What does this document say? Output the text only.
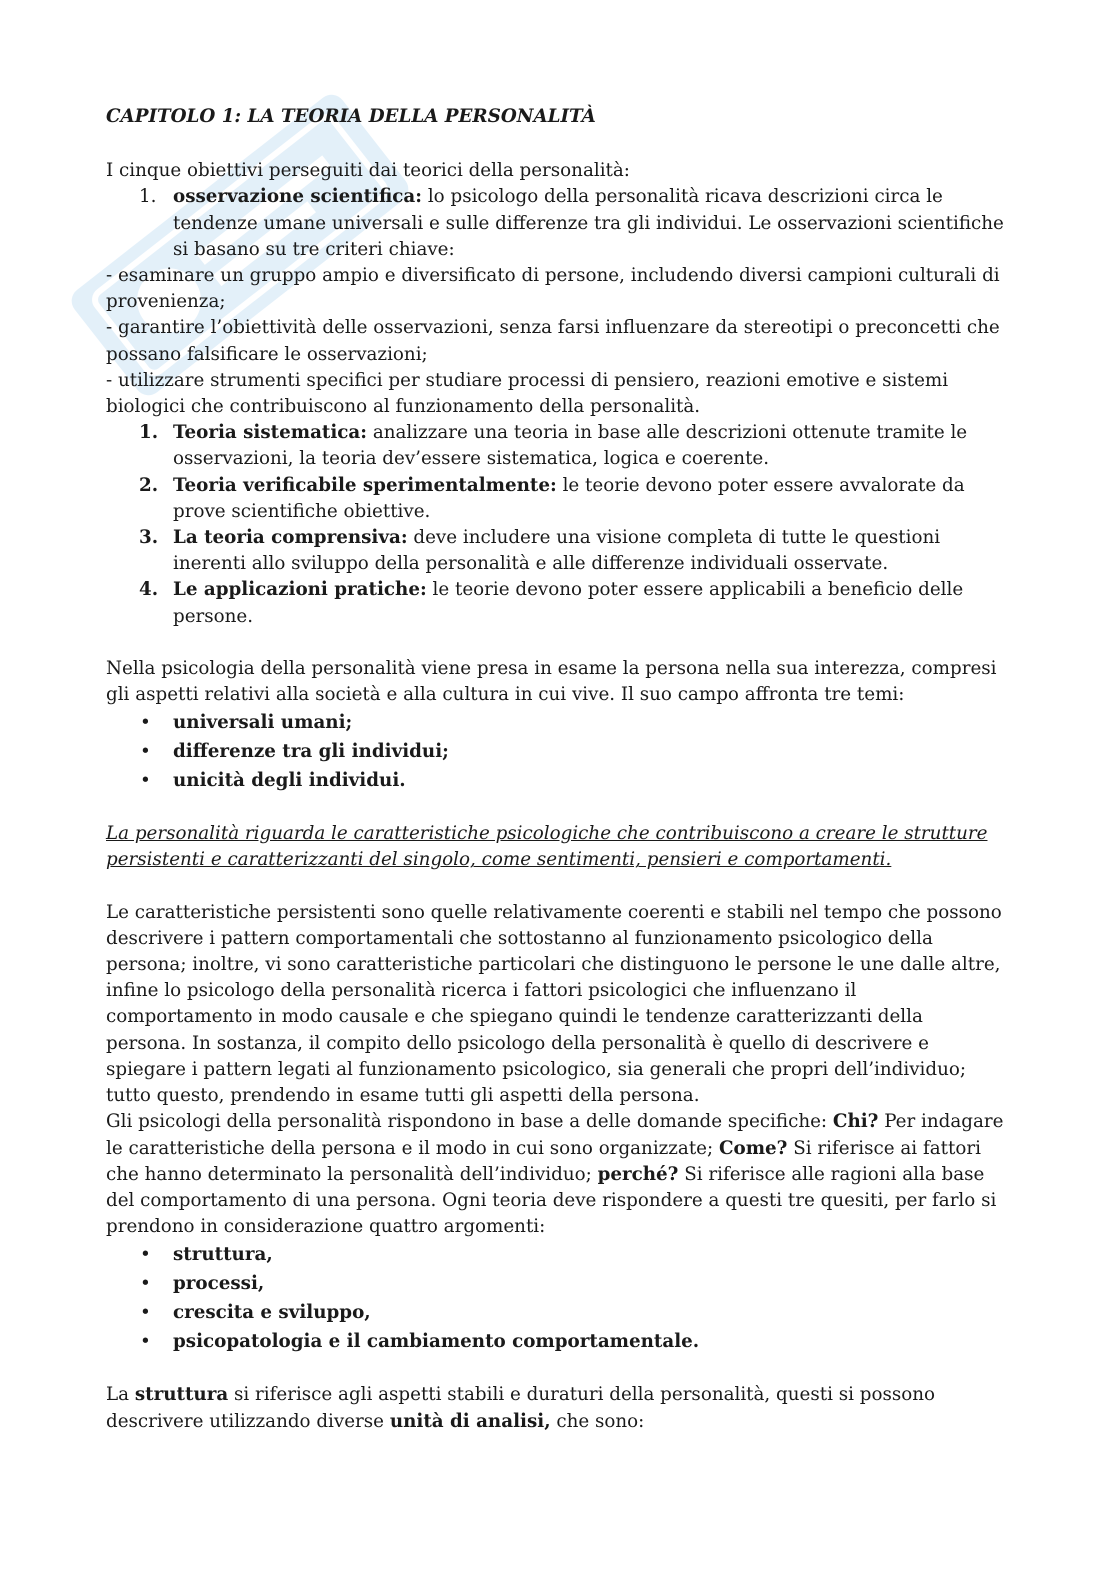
CAPITOLO 1: LA TEORIA DELLA PERSONALITÀ

I cinque obiettivi perseguiti dai teorici della personalità:

1. osservazione scientifica: lo psicologo della personalità ricava descrizioni circa le tendenze umane universali e sulle differenze tra gli individui. Le osservazioni scientifiche si basano su tre criteri chiave:

- esaminare un gruppo ampio e diversificato di persone, includendo diversi campioni culturali di provenienza;

- garantire l’obiettività delle osservazioni, senza farsi influenzare da stereotipi o preconcetti che possano falsificare le osservazioni;

- utilizzare strumenti specifici per studiare processi di pensiero, reazioni emotive e sistemi biologici che contribuiscono al funzionamento della personalità.

1. Teoria sistematica: analizzare una teoria in base alle descrizioni ottenute tramite le osservazioni, la teoria dev’essere sistematica, logica e coerente.
2. Teoria verificabile sperimentalmente: le teorie devono poter essere avvalorate da prove scientifiche obiettive.
3. La teoria comprensiva: deve includere una visione completa di tutte le questioni inerenti allo sviluppo della personalità e alle differenze individuali osservate.
4. Le applicazioni pratiche: le teorie devono poter essere applicabili a beneficio delle persone.

Nella psicologia della personalità viene presa in esame la persona nella sua interezza, compresi gli aspetti relativi alla società e alla cultura in cui vive. Il suo campo affronta tre temi:

• universali umani;
• differenze tra gli individui;
• unicità degli individui.

La personalità riguarda le caratteristiche psicologiche che contribuiscono a creare le strutture persistenti e caratterizzanti del singolo, come sentimenti, pensieri e comportamenti.

Le caratteristiche persistenti sono quelle relativamente coerenti e stabili nel tempo che possono descrivere i pattern comportamentali che sottostanno al funzionamento psicologico della persona; inoltre, vi sono caratteristiche particolari che distinguono le persone le une dalle altre, infine lo psicologo della personalità ricerca i fattori psicologici che influenzano il comportamento in modo causale e che spiegano quindi le tendenze caratterizzanti della persona. In sostanza, il compito dello psicologo della personalità è quello di descrivere e spiegare i pattern legati al funzionamento psicologico, sia generali che propri dell’individuo; tutto questo, prendendo in esame tutti gli aspetti della persona.

Gli psicologi della personalità rispondono in base a delle domande specifiche: Chi? Per indagare le caratteristiche della persona e il modo in cui sono organizzate; Come? Si riferisce ai fattori che hanno determinato la personalità dell’individuo; perché? Si riferisce alle ragioni alla base del comportamento di una persona. Ogni teoria deve rispondere a questi tre quesiti, per farlo si prendono in considerazione quattro argomenti:

• struttura,
• processi,
• crescita e sviluppo,
• psicopatologia e il cambiamento comportamentale.

La struttura si riferisce agli aspetti stabili e duraturi della personalità, questi si possono descrivere utilizzando diverse unità di analisi, che sono:
